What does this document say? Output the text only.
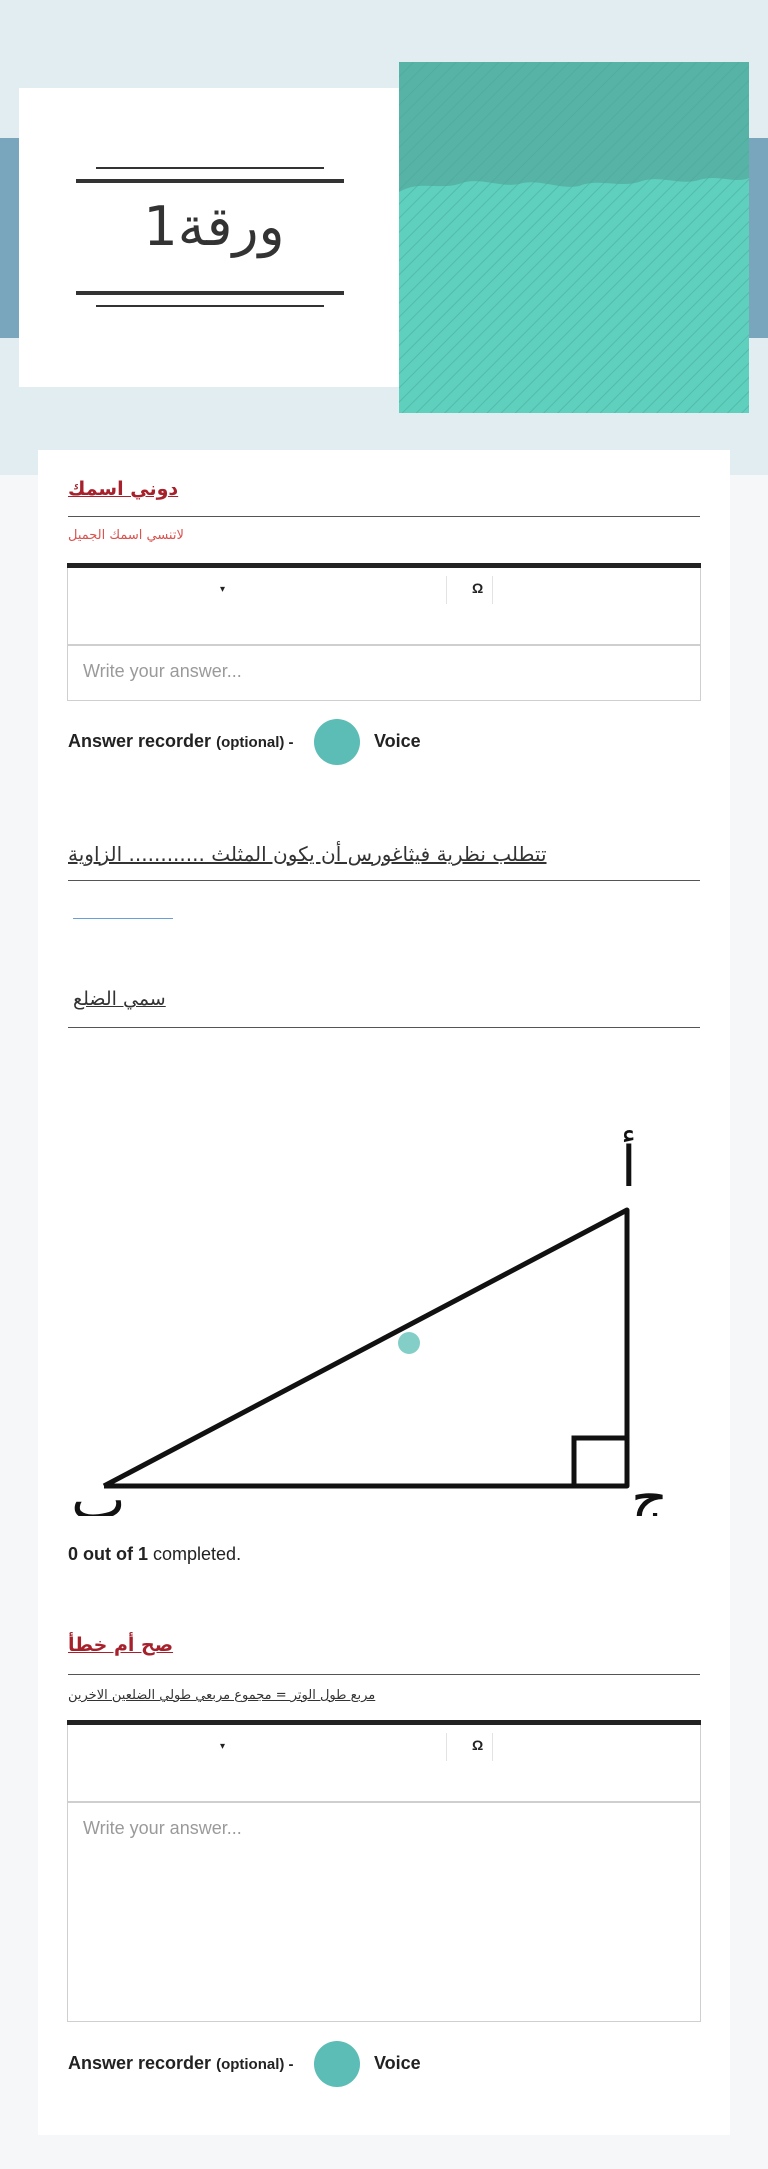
ورقة1
دوني اسمك
لاتنسي اسمك الجميل
▾	Ω
Write your answer...
Answer recorder (optional) -	Voice
تتطلب نظرية فيثاغورس أن يكون المثلث ............ الزاوية
سمي الضلع
أ
ب	ج
0 out of 1 completed.
صح أم خطأ
مربع طول الوتر = مجموع مربعي طولي الضلعين الاخرين
▾	Ω
Write your answer...
Answer recorder (optional) -	Voice
